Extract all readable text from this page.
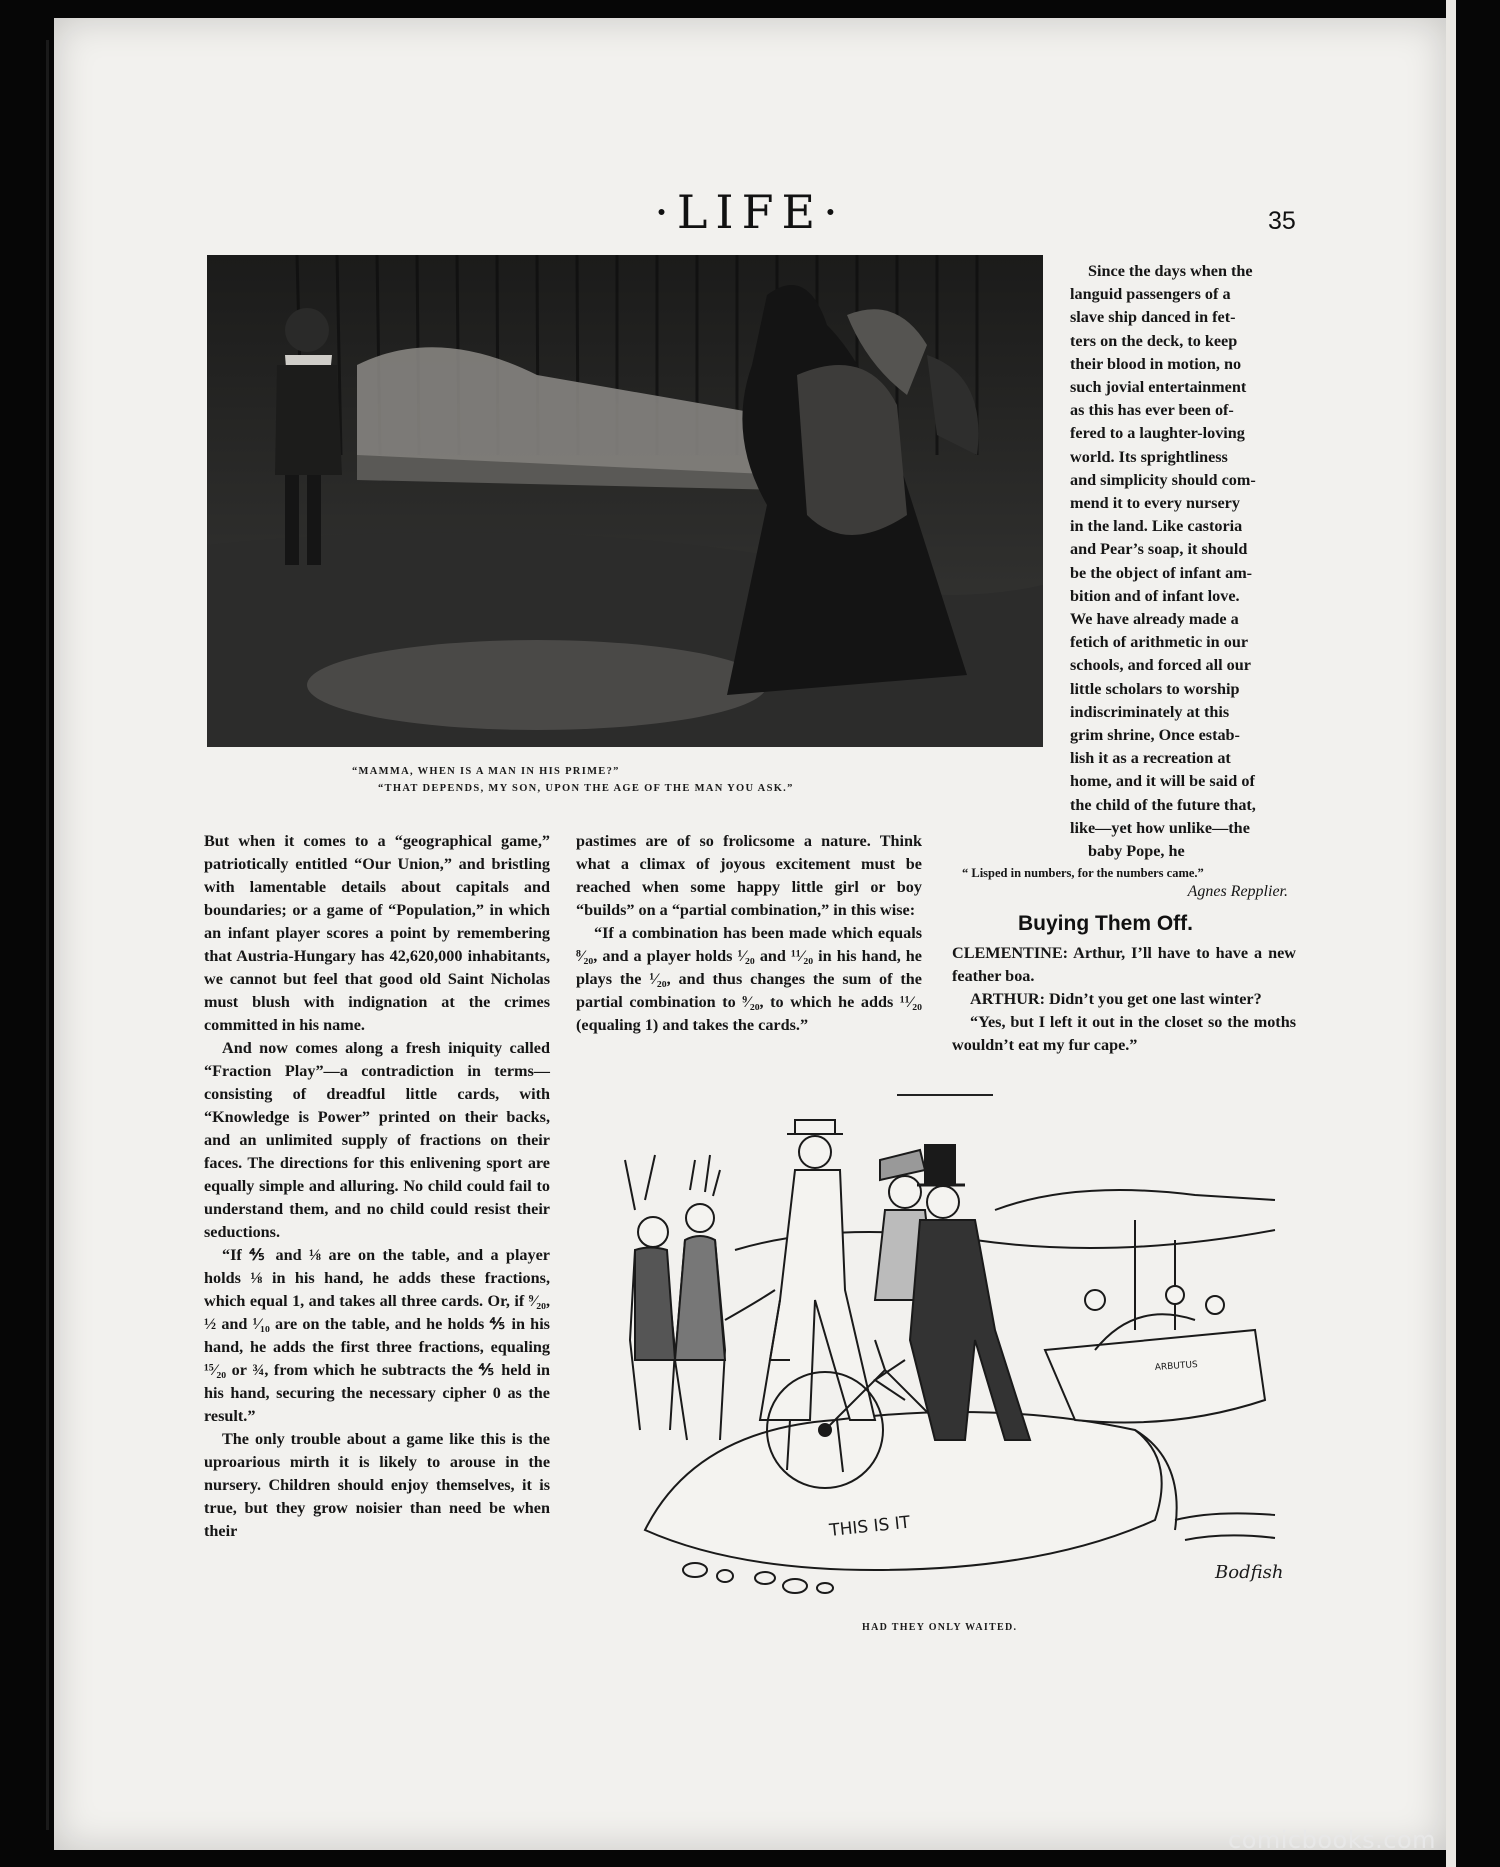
·LIFE·	35
“MAMMA, WHEN IS A MAN IN HIS PRIME?”
“THAT DEPENDS, MY SON, UPON THE AGE OF THE MAN YOU ASK.”
Since the days when the
languid passengers of a
slave ship danced in fet-
ters on the deck, to keep
their blood in motion, no
such jovial entertainment
as this has ever been of-
fered to a laughter-loving
world. Its sprightliness
and simplicity should com-
mend it to every nursery
in the land. Like castoria
and Pear’s soap, it should
be the object of infant am-
bition and of infant love.
We have already made a
fetich of arithmetic in our
schools, and forced all our
little scholars to worship
indiscriminately at this
grim shrine, Once estab-
lish it as a recreation at
home, and it will be said of
the child of the future that,
like—yet how unlike—the
baby Pope, he
“ Lisped in numbers, for the numbers came.”
Agnes Repplier.

But when it comes to a “geographical game,” patriotically entitled “Our Union,” and bristling with lamentable details about capitals and boundaries; or a game of “Population,” in which an infant player scores a point by remembering that Austria-Hungary has 42,620,000 inhabitants, we cannot but feel that good old Saint Nicholas must blush with indignation at the crimes committed in his name.

And now comes along a fresh iniquity called “Fraction Play”—a contradiction in terms—consisting of dreadful little cards, with “Knowledge is Power” printed on their backs, and an unlimited supply of fractions on their faces. The directions for this enlivening sport are equally simple and alluring. No child could fail to understand them, and no child could resist their seductions.

“If ⅘ and ⅛ are on the table, and a player holds ⅛ in his hand, he adds these fractions, which equal 1, and takes all three cards. Or, if ⁹⁄₂₀, ½ and ¹⁄₁₀ are on the table, and he holds ⅘ in his hand, he adds the first three fractions, equaling ¹⁵⁄₂₀ or ¾, from which he subtracts the ⅘ held in his hand, securing the necessary cipher 0 as the result.”

The only trouble about a game like this is the uproarious mirth it is likely to arouse in the nursery. Children should enjoy themselves, it is true, but they grow noisier than need be when their

pastimes are of so frolicsome a nature. Think what a climax of joyous excitement must be reached when some happy little girl or boy “builds” on a “partial combination,” in this wise:

“If a combination has been made which equals ⁸⁄₂₀, and a player holds ¹⁄₂₀ and ¹¹⁄₂₀ in his hand, he plays the ¹⁄₂₀, and thus changes the sum of the partial combination to ⁹⁄₂₀, to which he adds ¹¹⁄₂₀ (equaling 1) and takes the cards.”

Buying Them Off.

CLEMENTINE: Arthur, I’ll have to have a new feather boa.

ARTHUR: Didn’t you get one last winter?

“Yes, but I left it out in the closet so the moths wouldn’t eat my fur cape.”

THIS IS IT
ARBUTUS
Bodfish
HAD THEY ONLY WAITED.
comicbooks.com
